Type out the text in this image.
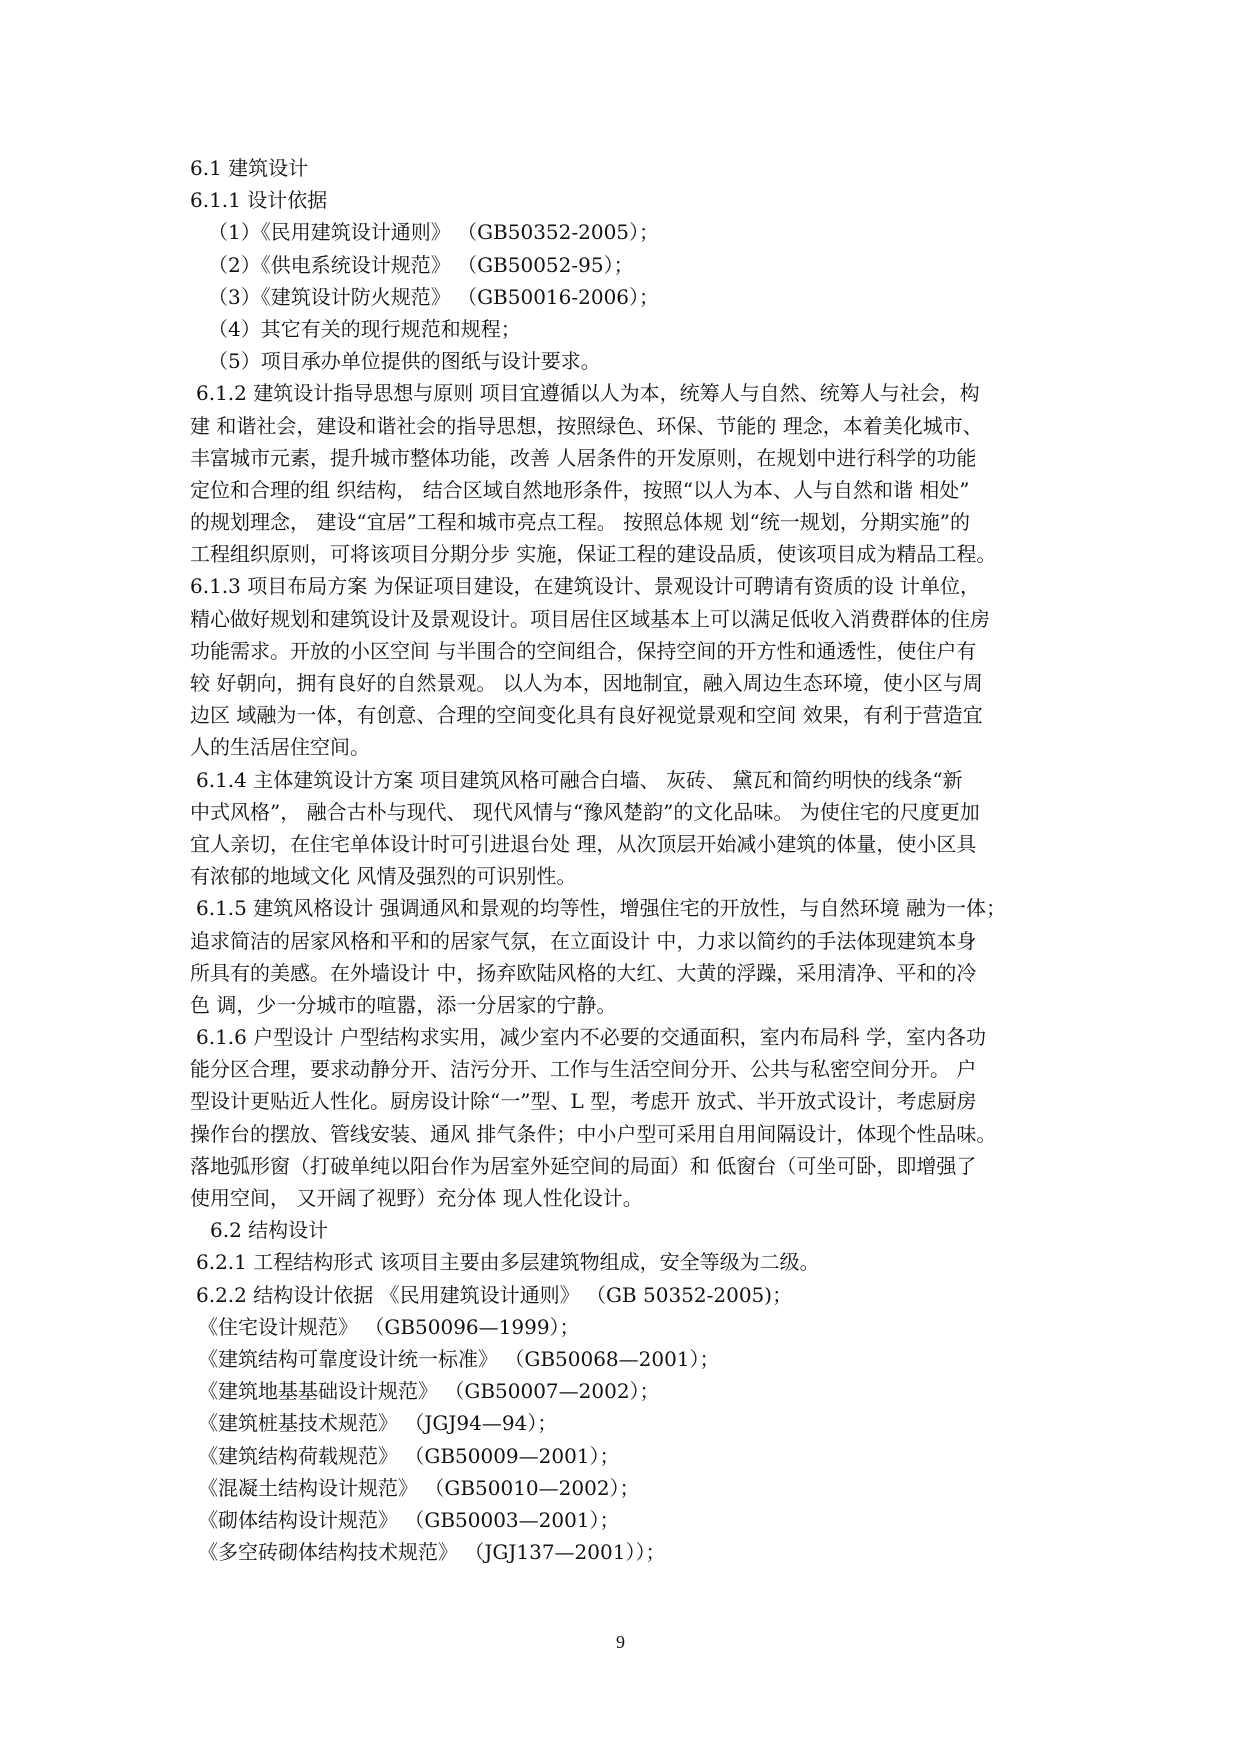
6.1 建筑设计
6.1.1 设计依据
（1）《民用建筑设计通则》 （GB50352-2005）；
（2）《供电系统设计规范》 （GB50052-95）；
（3）《建筑设计防火规范》 （GB50016-2006）；
（4）其它有关的现行规范和规程；
（5）项目承办单位提供的图纸与设计要求。
6.1.2 建筑设计指导思想与原则 项目宜遵循以人为本，统筹人与自然、统筹人与社会，构
建 和谐社会，建设和谐社会的指导思想，按照绿色、环保、节能的 理念，本着美化城市、
丰富城市元素，提升城市整体功能，改善 人居条件的开发原则，在规划中进行科学的功能
定位和合理的组 织结构， 结合区域自然地形条件，按照“以人为本、人与自然和谐 相处”
的规划理念， 建设“宜居”工程和城市亮点工程。 按照总体规 划“统一规划，分期实施”的
工程组织原则，可将该项目分期分步 实施，保证工程的建设品质，使该项目成为精品工程。
6.1.3 项目布局方案 为保证项目建设，在建筑设计、景观设计可聘请有资质的设 计单位，
精心做好规划和建筑设计及景观设计。项目居住区域基本上可以满足低收入消费群体的住房
功能需求。开放的小区空间 与半围合的空间组合，保持空间的开方性和通透性，使住户有
较 好朝向，拥有良好的自然景观。 以人为本，因地制宜，融入周边生态环境，使小区与周
边区 域融为一体，有创意、合理的空间变化具有良好视觉景观和空间 效果，有利于营造宜
人的生活居住空间。
6.1.4 主体建筑设计方案 项目建筑风格可融合白墙、 灰砖、 黛瓦和简约明快的线条“新
中式风格”， 融合古朴与现代、 现代风情与“豫风楚韵”的文化品味。 为使住宅的尺度更加
宜人亲切，在住宅单体设计时可引进退台处 理，从次顶层开始减小建筑的体量，使小区具
有浓郁的地域文化 风情及强烈的可识别性。
6.1.5 建筑风格设计 强调通风和景观的均等性，增强住宅的开放性，与自然环境 融为一体；
追求简洁的居家风格和平和的居家气氛，在立面设计 中，力求以简约的手法体现建筑本身
所具有的美感。在外墙设计 中，扬弃欧陆风格的大红、大黄的浮躁，采用清净、平和的冷
色 调，少一分城市的喧嚣，添一分居家的宁静。
6.1.6 户型设计 户型结构求实用，减少室内不必要的交通面积，室内布局科 学，室内各功
能分区合理，要求动静分开、洁污分开、工作与生活空间分开、公共与私密空间分开。 户
型设计更贴近人性化。厨房设计除“一”型、L 型，考虑开 放式、半开放式设计，考虑厨房
操作台的摆放、管线安装、通风 排气条件；中小户型可采用自用间隔设计，体现个性品味。
落地弧形窗（打破单纯以阳台作为居室外延空间的局面）和 低窗台（可坐可卧，即增强了
使用空间， 又开阔了视野）充分体 现人性化设计。
6.2 结构设计
6.2.1 工程结构形式 该项目主要由多层建筑物组成，安全等级为二级。
6.2.2 结构设计依据 《民用建筑设计通则》 （GB 50352-2005)；
《住宅设计规范》 （GB50096—1999）；
《建筑结构可靠度设计统一标准》 （GB50068—2001）；
《建筑地基基础设计规范》 （GB50007—2002）；
《建筑桩基技术规范》 （JGJ94—94）；
《建筑结构荷载规范》 （GB50009—2001）；
《混凝土结构设计规范》 （GB50010—2002）；
《砌体结构设计规范》 （GB50003—2001）；
《多空砖砌体结构技术规范》 （JGJ137—2001））；
9
